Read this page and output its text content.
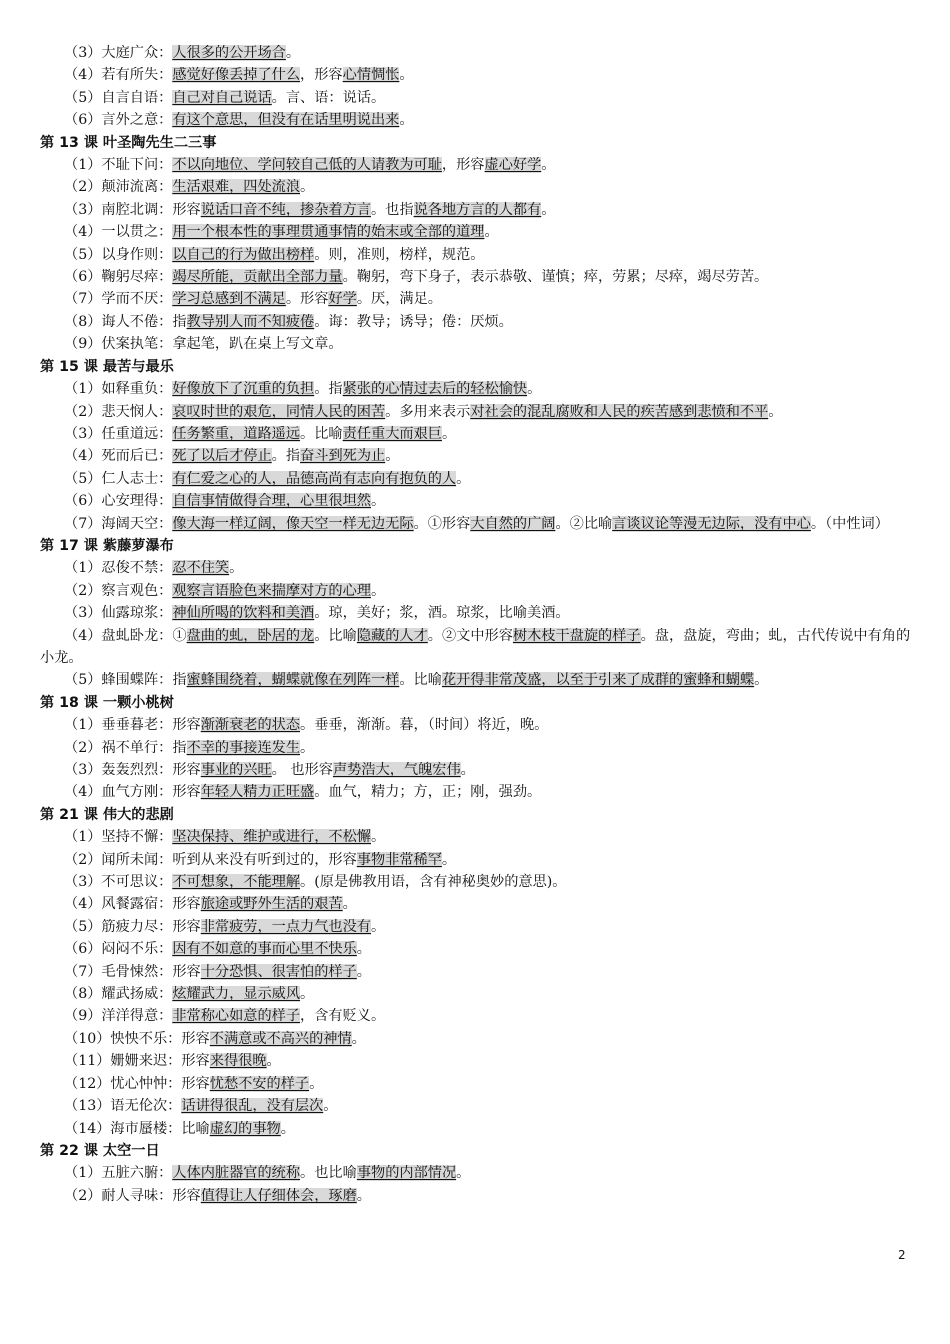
（3）大庭广众：人很多的公开场合。
（4）若有所失：感觉好像丢掉了什么，形容心情惆怅。
（5）自言自语：自己对自己说话。言、语：说话。
（6）言外之意：有这个意思，但没有在话里明说出来。
第 13 课 叶圣陶先生二三事
（1）不耻下问：不以向地位、学问较自己低的人请教为可耻，形容虚心好学。
（2）颠沛流离：生活艰难，四处流浪。
（3）南腔北调：形容说话口音不纯，掺杂着方言。也指说各地方言的人都有。
（4）一以贯之：用一个根本性的事理贯通事情的始末或全部的道理。
（5）以身作则：以自己的行为做出榜样。则，准则，榜样，规范。
（6）鞠躬尽瘁：竭尽所能，贡献出全部力量。鞠躬，弯下身子，表示恭敬、谨慎；瘁，劳累；尽瘁，竭尽劳苦。
（7）学而不厌：学习总感到不满足。形容好学。厌，满足。
（8）诲人不倦：指教导别人而不知疲倦。诲：教导；诱导；倦：厌烦。
（9）伏案执笔：拿起笔，趴在桌上写文章。
第 15 课 最苦与最乐
（1）如释重负：好像放下了沉重的负担。指紧张的心情过去后的轻松愉快。
（2）悲天悯人：哀叹时世的艰危，同情人民的困苦。多用来表示对社会的混乱腐败和人民的疾苦感到悲愤和不平。
（3）任重道远：任务繁重，道路遥远。比喻责任重大而艰巨。
（4）死而后已：死了以后才停止。指奋斗到死为止。
（5）仁人志士：有仁爱之心的人，品德高尚有志向有抱负的人。
（6）心安理得：自信事情做得合理，心里很坦然。
（7）海阔天空：像大海一样辽阔，像天空一样无边无际。①形容大自然的广阔。②比喻言谈议论等漫无边际，没有中心。（中性词）
第 17 课 紫藤萝瀑布
（1）忍俊不禁：忍不住笑。
（2）察言观色：观察言语脸色来揣摩对方的心理。
（3）仙露琼浆：神仙所喝的饮料和美酒。琼，美好；浆，酒。琼浆，比喻美酒。
（4）盘虬卧龙：①盘曲的虬，卧居的龙。比喻隐藏的人才。②文中形容树木枝干盘旋的样子。盘，盘旋，弯曲；虬，古代传说中有角的小龙。
（5）蜂围蝶阵：指蜜蜂围绕着，蝴蝶就像在列阵一样。比喻花开得非常茂盛，以至于引来了成群的蜜蜂和蝴蝶。
第 18 课 一颗小桃树
（1）垂垂暮老：形容渐渐衰老的状态。垂垂，渐渐。暮，（时间）将近，晚。
（2）祸不单行：指不幸的事接连发生。
（3）轰轰烈烈：形容事业的兴旺。 也形容声势浩大，气魄宏伟。
（4）血气方刚：形容年轻人精力正旺盛。血气，精力；方，正；刚，强劲。
第 21 课 伟大的悲剧
（1）坚持不懈：坚决保持、维护或进行，不松懈。
（2）闻所未闻：听到从来没有听到过的，形容事物非常稀罕。
（3）不可思议：不可想象，不能理解。(原是佛教用语，含有神秘奥妙的意思)。
（4）风餐露宿：形容旅途或野外生活的艰苦。
（5）筋疲力尽：形容非常疲劳，一点力气也没有。
（6）闷闷不乐：因有不如意的事而心里不快乐。
（7）毛骨悚然：形容十分恐惧、很害怕的样子。
（8）耀武扬威：炫耀武力，显示威风。
（9）洋洋得意：非常称心如意的样子，含有贬义。
（10）怏怏不乐：形容不满意或不高兴的神情。
（11）姗姗来迟：形容来得很晚。
（12）忧心忡忡：形容忧愁不安的样子。
（13）语无伦次：话讲得很乱，没有层次。
（14）海市蜃楼：比喻虚幻的事物。
第 22 课 太空一日
（1）五脏六腑：人体内脏器官的统称。也比喻事物的内部情况。
（2）耐人寻味：形容值得让人仔细体会，琢磨。
2
